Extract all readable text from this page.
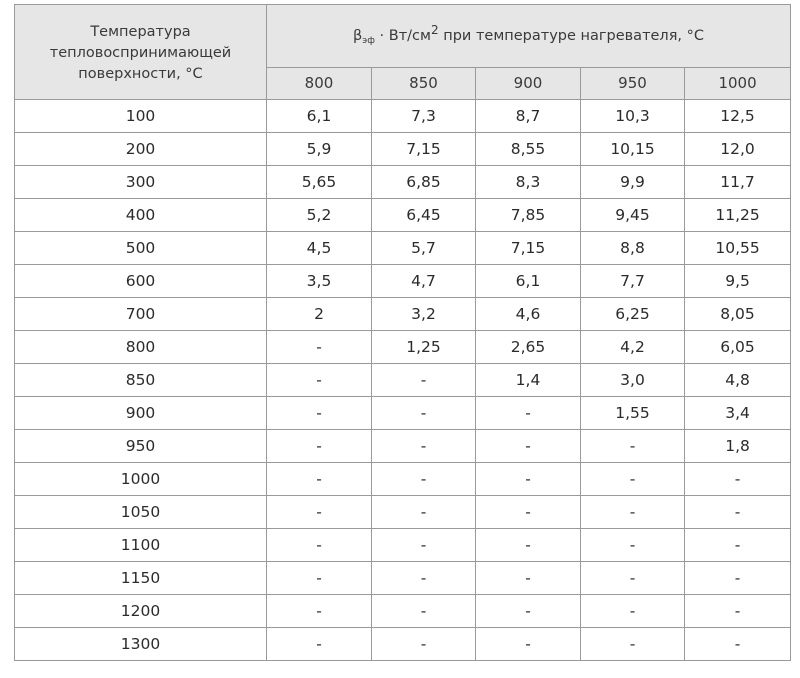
Температура тепловоспринимающей поверхности, °С	$\beta_{эф} \cdot Вт/см^2$ при температуре нагревателя, °С				
	800	850	900	950	1000
100	6,1	7,3	8,7	10,3	12,5
200	5,9	7,15	8,55	10,15	12,0
300	5,65	6,85	8,3	9,9	11,7
400	5,2	6,45	7,85	9,45	11,25
500	4,5	5,7	7,15	8,8	10,55
600	3,5	4,7	6,1	7,7	9,5
700	2	3,2	4,6	6,25	8,05
800	-	1,25	2,65	4,2	6,05
850	-	-	1,4	3,0	4,8
900	-	-	-	1,55	3,4
950	-	-	-	-	1,8
1000	-	-	-	-	-
1050	-	-	-	-	-
1100	-	-	-	-	-
1150	-	-	-	-	-
1200	-	-	-	-	-
1300	-	-	-	-	-
